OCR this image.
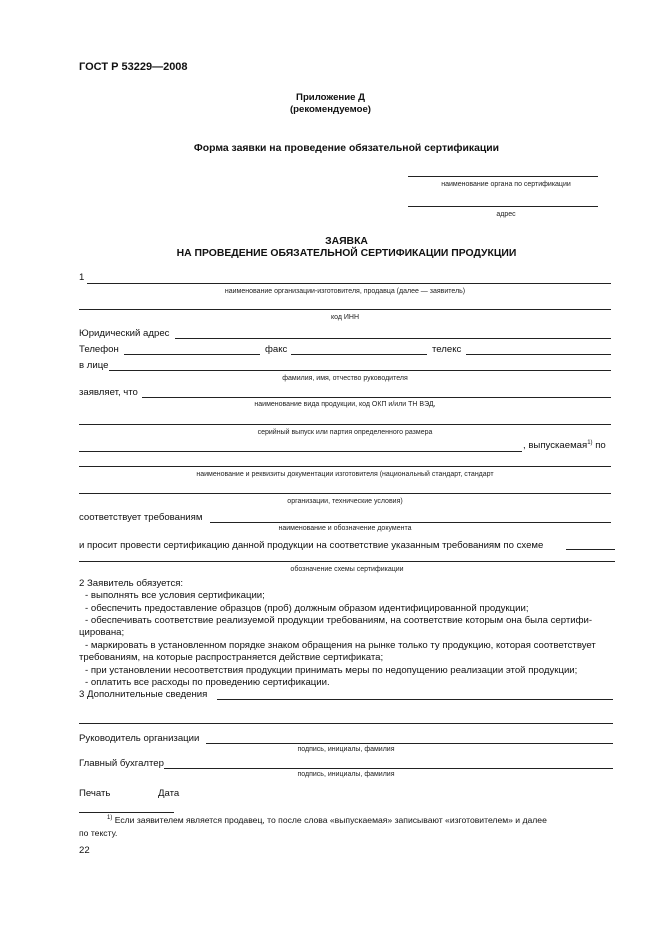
ГОСТ Р 53229—2008
Приложение Д
(рекомендуемое)
Форма заявки на проведение обязательной сертификации
наименование органа по сертификации
адрес
ЗАЯВКА
НА ПРОВЕДЕНИЕ ОБЯЗАТЕЛЬНОЙ СЕРТИФИКАЦИИ ПРОДУКЦИИ
1
наименование организации-изготовителя, продавца (далее — заявитель)
код ИНН
Юридический адрес
Телефон	факс	телекс
в лице
фамилия, имя, отчество руководителя
заявляет, что
наименование вида продукции, код ОКП и/или ТН ВЭД,
серийный выпуск или партия определенного размера
, выпускаемая$^{1)}$ по
наименование и реквизиты документации изготовителя (национальный стандарт, стандарт
организации, технические условия)
соответствует требованиям
наименование и обозначение документа
и просит провести сертификацию данной продукции на соответствие указанным требованиям по схеме
обозначение схемы сертификации
2 Заявитель обязуется:
- выполнять все условия сертификации;
- обеспечить предоставление образцов (проб) должным образом идентифицированной продукции;
- обеспечивать соответствие реализуемой продукции требованиям, на соответствие которым она была сертифи-
цирована;
- маркировать в установленном порядке знаком обращения на рынке только ту продукцию, которая соответствует
требованиям, на которые распространяется действие сертификата;
- при установлении несоответствия продукции принимать меры по недопущению реализации этой продукции;
- оплатить все расходы по проведению сертификации.
3 Дополнительные сведения
Руководитель организации
подпись, инициалы, фамилия
Главный бухгалтер
подпись, инициалы, фамилия
Печать	Дата
$^{1)}$ Если заявителем является продавец, то после слова «выпускаемая» записывают «изготовителем» и далее
по тексту.
22
